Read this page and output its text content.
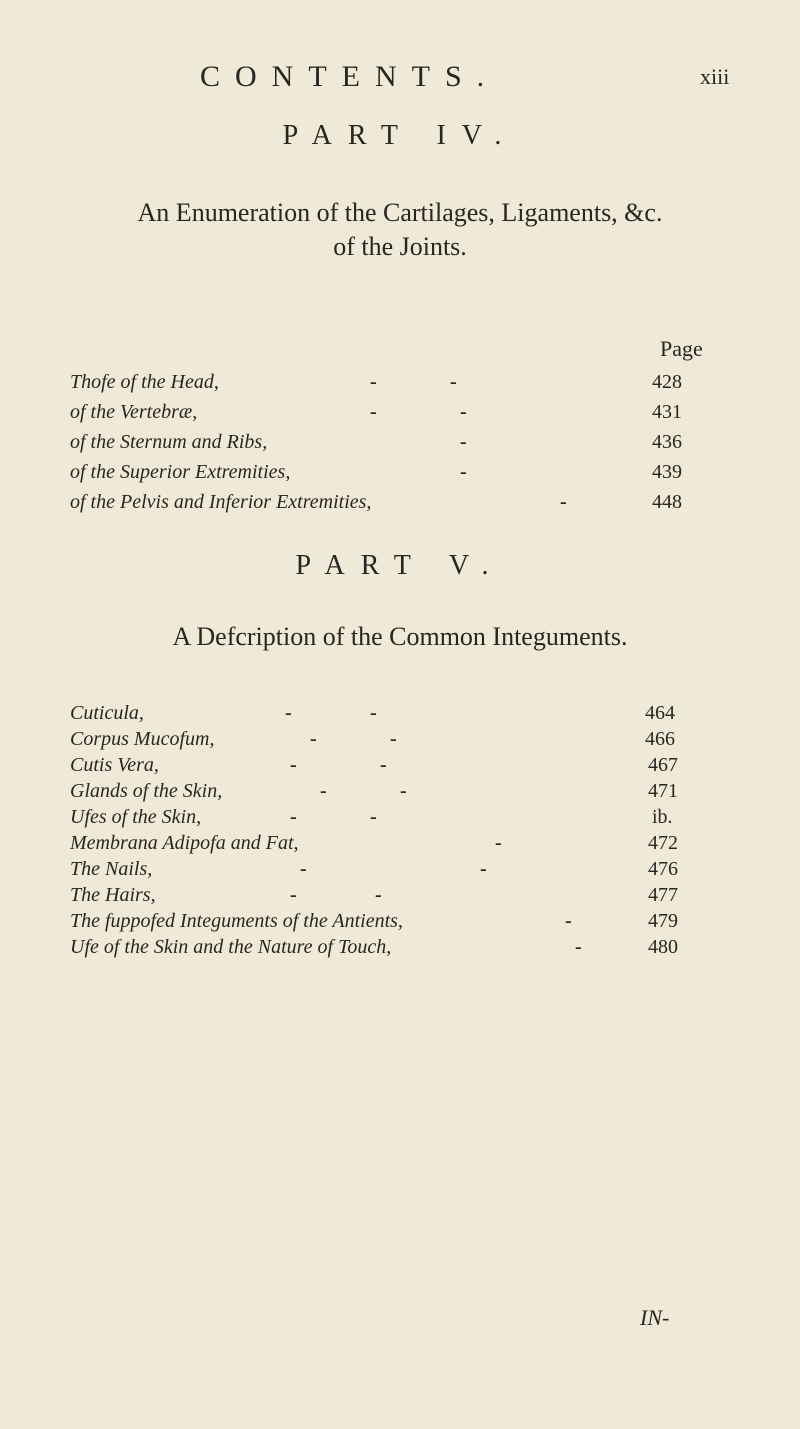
CONTENTS.	xiii
PART IV.
An Enumeration of the Cartilages, Ligaments, &c.
of the Joints.
Page
Thofe of the Head,	-	-	428
of the Vertebræ,	-	-	431
of the Sternum and Ribs,	-	436
of the Superior Extremities,	-	439
of the Pelvis and Inferior Extremities,	-	448
PART V.
A Defcription of the Common Integuments.
Cuticula,	-	-	464
Corpus Mucofum,	-	-	466
Cutis Vera,	-	-	467
Glands of the Skin,	-	-	471
Ufes of the Skin,	-	-	ib.
Membrana Adipofa and Fat,	-	472
The Nails,	-	-	476
The Hairs,	-	-	477
The fuppofed Integuments of the Antients,	-	479
Ufe of the Skin and the Nature of Touch,	-	480
IN-
